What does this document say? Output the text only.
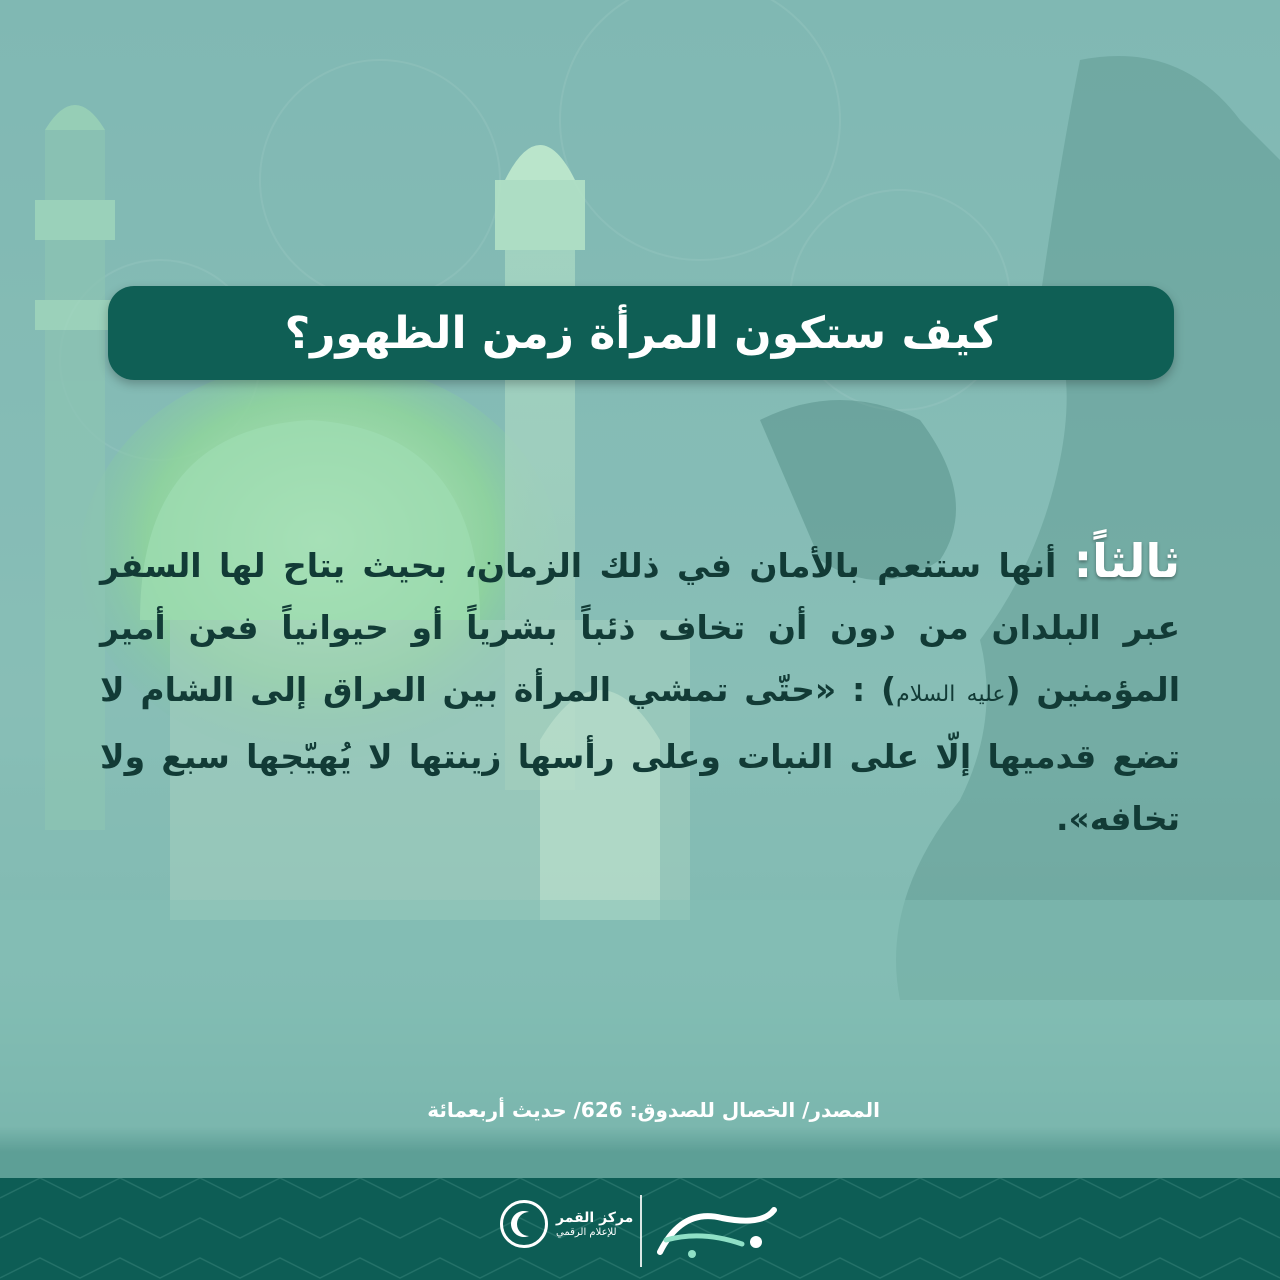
كيف ستكون المرأة زمن الظهور؟
ثالثاً: أنها ستنعم بالأمان في ذلك الزمان، بحيث يتاح لها السفر عبر البلدان من دون أن تخاف ذئباً بشرياً أو حيوانياً فعن أمير المؤمنين (عليه السلام) : «حتّى تمشي المرأة بين العراق إلى الشام لا تضع قدميها إلّا على النبات وعلى رأسها زينتها لا يُهيّجها سبع ولا تخافه».
المصدر/ الخصال للصدوق: 626/ حديث أربعمائة
مركز القمر
للإعلام الرقمي
